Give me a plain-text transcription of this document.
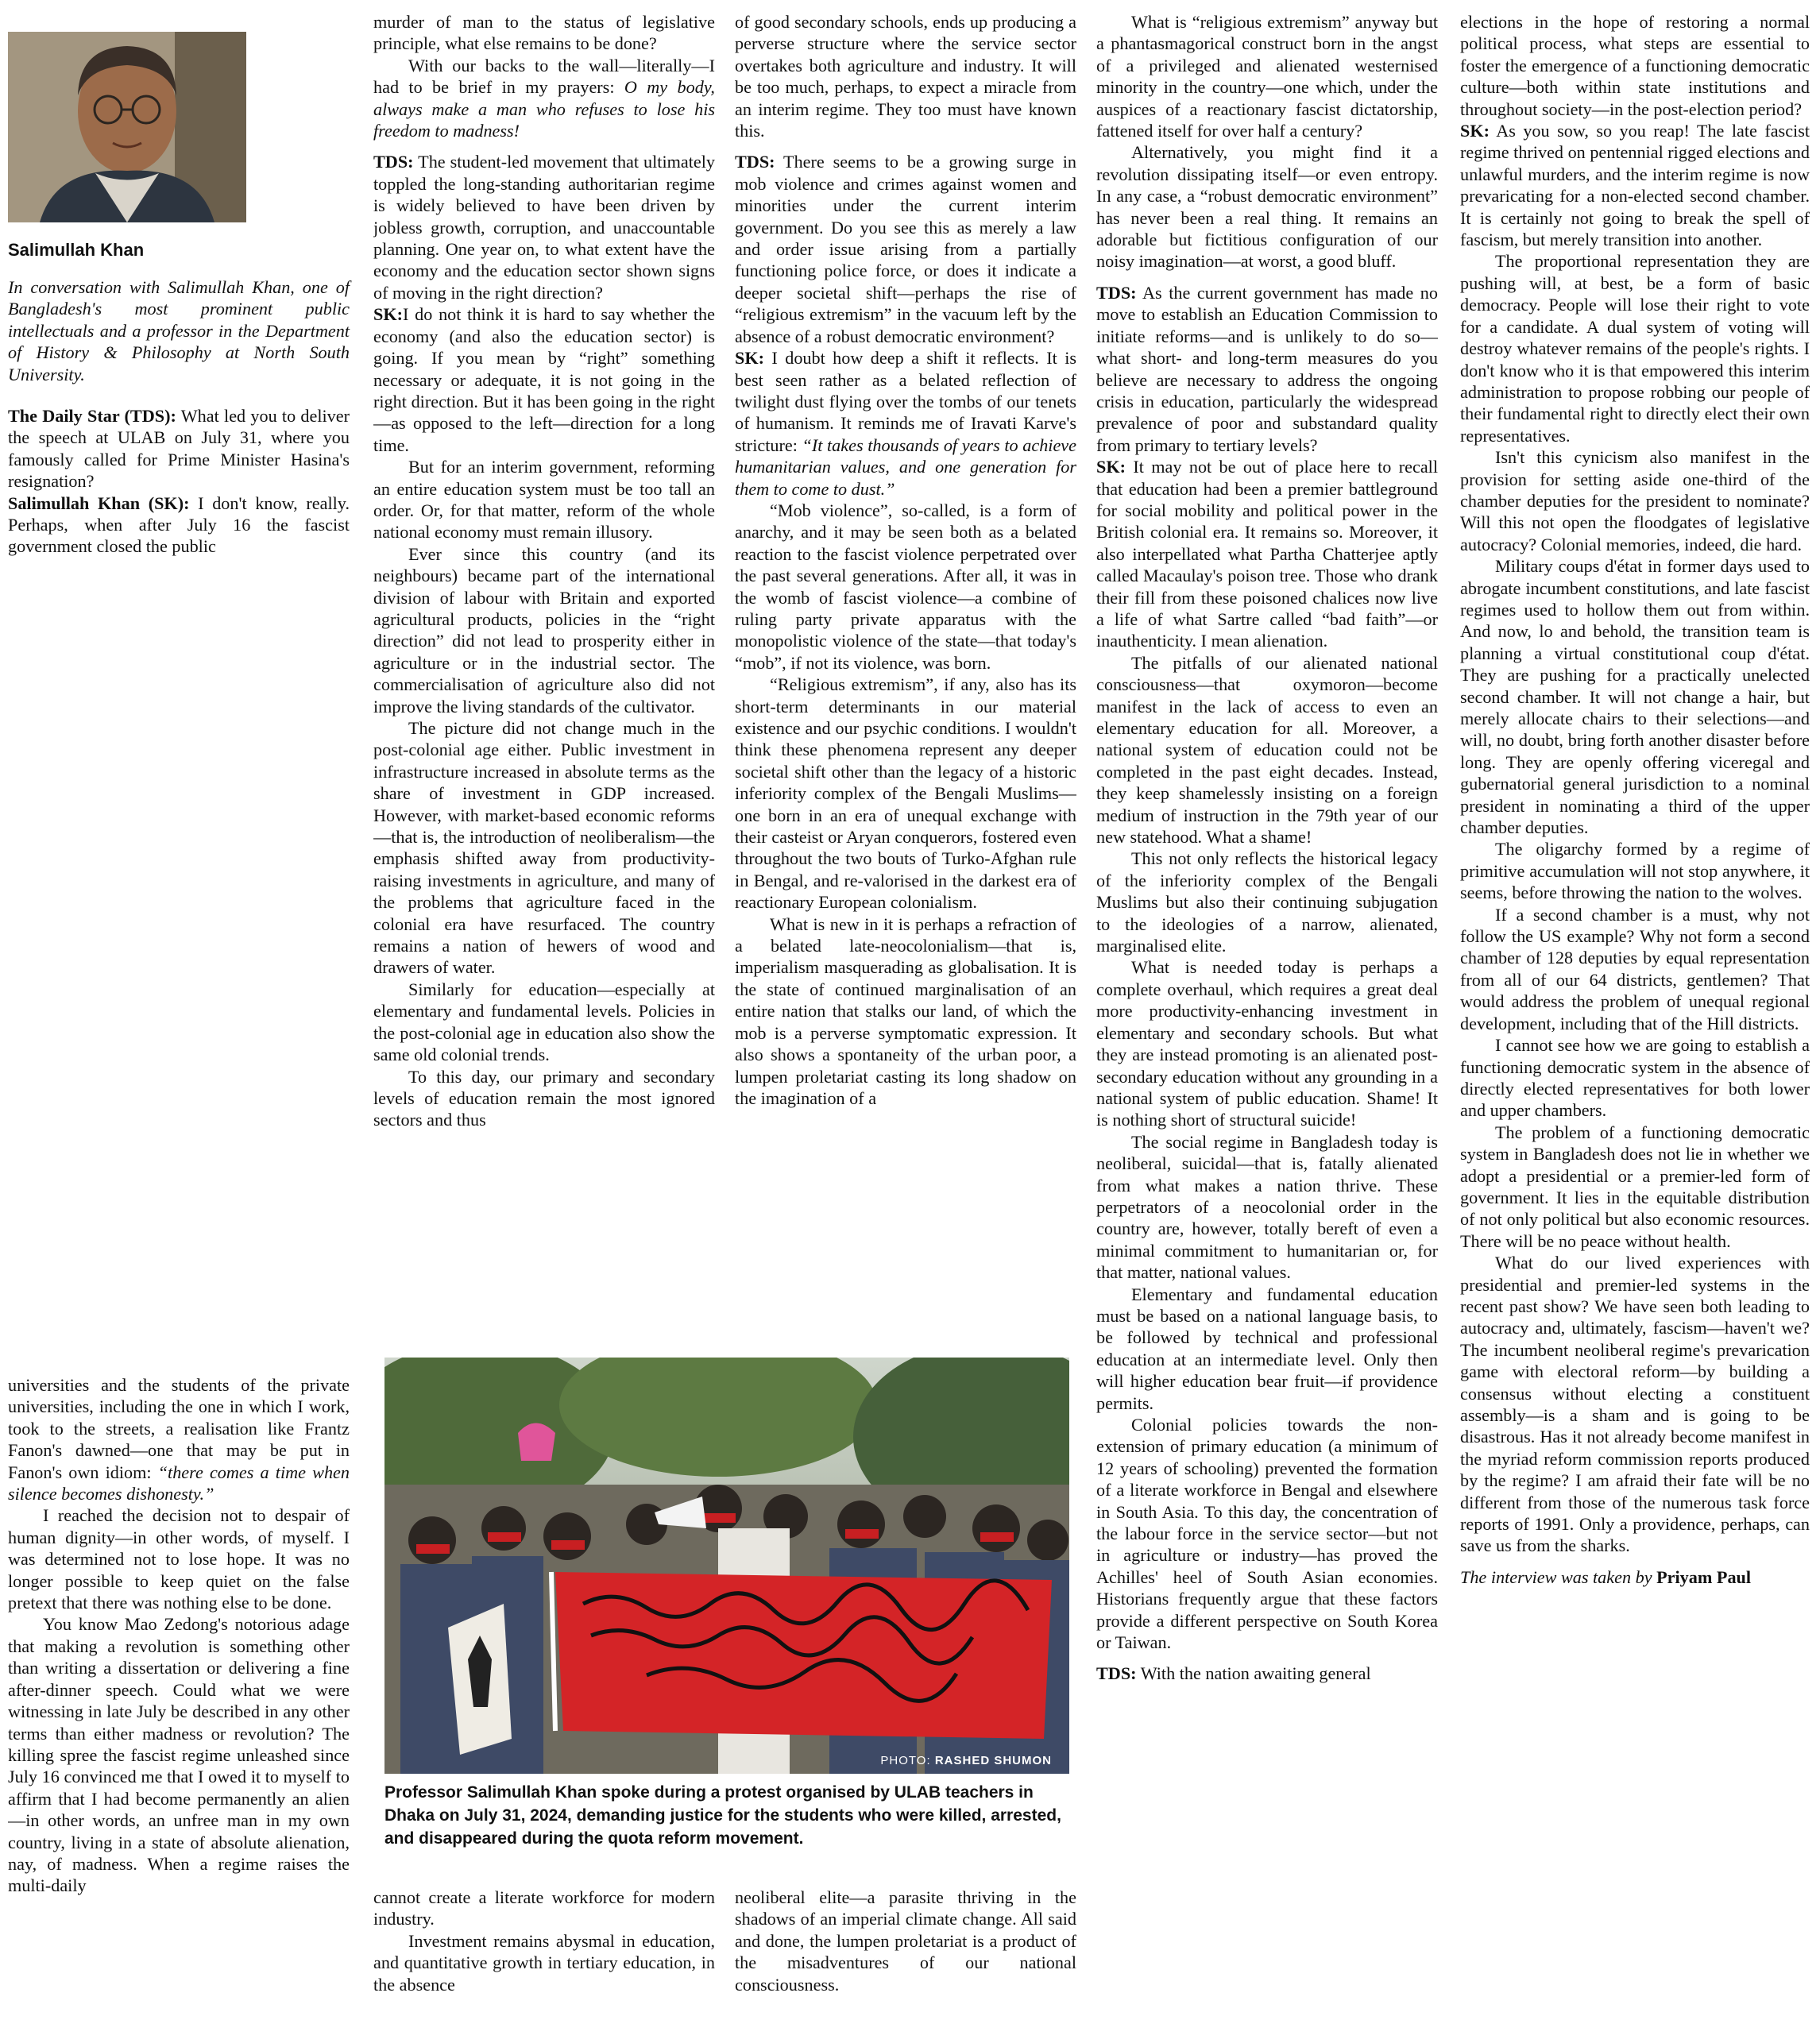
Salimullah Khan
In conversation with Salimullah Khan, one of Bangladesh's most prominent public intellectuals and a professor in the Department of History & Philosophy at North South University.

The Daily Star (TDS): What led you to deliver the speech at ULAB on July 31, where you famously called for Prime Minister Hasina's resignation?

Salimullah Khan (SK): I don't know, really. Perhaps, when after July 16 the fascist government closed the public

universities and the students of the private universities, including the one in which I work, took to the streets, a realisation like Frantz Fanon's dawned—one that may be put in Fanon's own idiom: “there comes a time when silence becomes dishonesty.”

I reached the decision not to despair of human dignity—in other words, of myself. I was determined not to lose hope. It was no longer possible to keep quiet on the false pretext that there was nothing else to be done.

You know Mao Zedong's notorious adage that making a revolution is something other than writing a dissertation or delivering a fine after-dinner speech. Could what we were witnessing in late July be described in any other terms than either madness or revolution? The killing spree the fascist regime unleashed since July 16 convinced me that I owed it to myself to affirm that I had become permanently an alien—in other words, an unfree man in my own country, living in a state of absolute alienation, nay, of madness. When a regime raises the multi-daily

murder of man to the status of legislative principle, what else remains to be done?

With our backs to the wall—literally—I had to be brief in my prayers: O my body, always make a man who refuses to lose his freedom to madness!

TDS: The student-led movement that ultimately toppled the long-standing authoritarian regime is widely believed to have been driven by jobless growth, corruption, and unaccountable planning. One year on, to what extent have the economy and the education sector shown signs of moving in the right direction?

SK:I do not think it is hard to say whether the economy (and also the education sector) is going. If you mean by “right” something necessary or adequate, it is not going in the right direction. But it has been going in the right—as opposed to the left—direction for a long time.

But for an interim government, reforming an entire education system must be too tall an order. Or, for that matter, reform of the whole national economy must remain illusory.

Ever since this country (and its neighbours) became part of the international division of labour with Britain and exported agricultural products, policies in the “right direction” did not lead to prosperity either in agriculture or in the industrial sector. The commercialisation of agriculture also did not improve the living standards of the cultivator.

The picture did not change much in the post-colonial age either. Public investment in infrastructure increased in absolute terms as the share of investment in GDP increased. However, with market-based economic reforms—that is, the introduction of neoliberalism—the emphasis shifted away from productivity-raising investments in agriculture, and many of the problems that agriculture faced in the colonial era have resurfaced. The country remains a nation of hewers of wood and drawers of water.

Similarly for education—especially at elementary and fundamental levels. Policies in the post-colonial age in education also show the same old colonial trends.

To this day, our primary and secondary levels of education remain the most ignored sectors and thus

of good secondary schools, ends up producing a perverse structure where the service sector overtakes both agriculture and industry. It will be too much, perhaps, to expect a miracle from an interim regime. They too must have known this.

TDS: There seems to be a growing surge in mob violence and crimes against women and minorities under the current interim government. Do you see this as merely a law and order issue arising from a partially functioning police force, or does it indicate a deeper societal shift—perhaps the rise of “religious extremism” in the vacuum left by the absence of a robust democratic environment?

SK: I doubt how deep a shift it reflects. It is best seen rather as a belated reflection of twilight dust flying over the tombs of our tenets of humanism. It reminds me of Iravati Karve's stricture: “It takes thousands of years to achieve humanitarian values, and one generation for them to come to dust.”

“Mob violence”, so-called, is a form of anarchy, and it may be seen both as a belated reaction to the fascist violence perpetrated over the past several generations. After all, it was in the womb of fascist violence—a combine of ruling party private apparatus with the monopolistic violence of the state—that today's “mob”, if not its violence, was born.

“Religious extremism”, if any, also has its short-term determinants in our material existence and our psychic conditions. I wouldn't think these phenomena represent any deeper societal shift other than the legacy of a historic inferiority complex of the Bengali Muslims—one born in an era of unequal exchange with their casteist or Aryan conquerors, fostered even throughout the two bouts of Turko-Afghan rule in Bengal, and re-valorised in the darkest era of reactionary European colonialism.

What is new in it is perhaps a refraction of a belated late-neocolonialism—that is, imperialism masquerading as globalisation. It is the state of continued marginalisation of an entire nation that stalks our land, of which the mob is a perverse symptomatic expression. It also shows a spontaneity of the urban poor, a lumpen proletariat casting its long shadow on the imagination of a

PHOTO: RASHED SHUMON
Professor Salimullah Khan spoke during a protest organised by ULAB teachers in Dhaka on July 31, 2024, demanding justice for the students who were killed, arrested, and disappeared during the quota reform movement.

cannot create a literate workforce for modern industry.

Investment remains abysmal in education, and quantitative growth in tertiary education, in the absence

neoliberal elite—a parasite thriving in the shadows of an imperial climate change. All said and done, the lumpen proletariat is a product of the misadventures of our national consciousness.

What is “religious extremism” anyway but a phantasmagorical construct born in the angst of a privileged and alienated westernised minority in the country—one which, under the auspices of a reactionary fascist dictatorship, fattened itself for over half a century?

Alternatively, you might find it a revolution dissipating itself—or even entropy. In any case, a “robust democratic environment” has never been a real thing. It remains an adorable but fictitious configuration of our noisy imagination—at worst, a good bluff.

TDS: As the current government has made no move to establish an Education Commission to initiate reforms—and is unlikely to do so—what short- and long-term measures do you believe are necessary to address the ongoing crisis in education, particularly the widespread prevalence of poor and substandard quality from primary to tertiary levels?

SK: It may not be out of place here to recall that education had been a premier battleground for social mobility and political power in the British colonial era. It remains so. Moreover, it also interpellated what Partha Chatterjee aptly called Macaulay's poison tree. Those who drank their fill from these poisoned chalices now live a life of what Sartre called “bad faith”—or inauthenticity. I mean alienation.

The pitfalls of our alienated national consciousness—that oxymoron—become manifest in the lack of access to even an elementary education for all. Moreover, a national system of education could not be completed in the past eight decades. Instead, they keep shamelessly insisting on a foreign medium of instruction in the 79th year of our new statehood. What a shame!

This not only reflects the historical legacy of the inferiority complex of the Bengali Muslims but also their continuing subjugation to the ideologies of a narrow, alienated, marginalised elite.

What is needed today is perhaps a complete overhaul, which requires a great deal more productivity-enhancing investment in elementary and secondary schools. But what they are instead promoting is an alienated post-secondary education without any grounding in a national system of public education. Shame! It is nothing short of structural suicide!

The social regime in Bangladesh today is neoliberal, suicidal—that is, fatally alienated from what makes a nation thrive. These perpetrators of a neocolonial order in the country are, however, totally bereft of even a minimal commitment to humanitarian or, for that matter, national values.

Elementary and fundamental education must be based on a national language basis, to be followed by technical and professional education at an intermediate level. Only then will higher education bear fruit—if providence permits.

Colonial policies towards the non-extension of primary education (a minimum of 12 years of schooling) prevented the formation of a literate workforce in Bengal and elsewhere in South Asia. To this day, the concentration of the labour force in the service sector—but not in agriculture or industry—has proved the Achilles' heel of South Asian economies. Historians frequently argue that these factors provide a different perspective on South Korea or Taiwan.

TDS: With the nation awaiting general

elections in the hope of restoring a normal political process, what steps are essential to foster the emergence of a functioning democratic culture—both within state institutions and throughout society—in the post-election period?

SK: As you sow, so you reap! The late fascist regime thrived on pentennial rigged elections and unlawful murders, and the interim regime is now prevaricating for a non-elected second chamber. It is certainly not going to break the spell of fascism, but merely transition into another.

The proportional representation they are pushing will, at best, be a form of basic democracy. People will lose their right to vote for a candidate. A dual system of voting will destroy whatever remains of the people's rights. I don't know who it is that empowered this interim administration to propose robbing our people of their fundamental right to directly elect their own representatives.

Isn't this cynicism also manifest in the provision for setting aside one-third of the chamber deputies for the president to nominate? Will this not open the floodgates of legislative autocracy? Colonial memories, indeed, die hard.

Military coups d'état in former days used to abrogate incumbent constitutions, and late fascist regimes used to hollow them out from within. And now, lo and behold, the transition team is planning a virtual constitutional coup d'état. They are pushing for a practically unelected second chamber. It will not change a hair, but merely allocate chairs to their selections—and will, no doubt, bring forth another disaster before long. They are openly offering viceregal and gubernatorial general jurisdiction to a nominal president in nominating a third of the upper chamber deputies.

The oligarchy formed by a regime of primitive accumulation will not stop anywhere, it seems, before throwing the nation to the wolves.

If a second chamber is a must, why not follow the US example? Why not form a second chamber of 128 deputies by equal representation from all of our 64 districts, gentlemen? That would address the problem of unequal regional development, including that of the Hill districts.

I cannot see how we are going to establish a functioning democratic system in the absence of directly elected representatives for both lower and upper chambers.

The problem of a functioning democratic system in Bangladesh does not lie in whether we adopt a presidential or a premier-led form of government. It lies in the equitable distribution of not only political but also economic resources. There will be no peace without health.

What do our lived experiences with presidential and premier-led systems in the recent past show? We have seen both leading to autocracy and, ultimately, fascism—haven't we? The incumbent neoliberal regime's prevarication game with electoral reform—by building a consensus without electing a constituent assembly—is a sham and is going to be disastrous. Has it not already become manifest in the myriad reform commission reports produced by the regime? I am afraid their fate will be no different from those of the numerous task force reports of 1991. Only a providence, perhaps, can save us from the sharks.

The interview was taken by Priyam Paul
